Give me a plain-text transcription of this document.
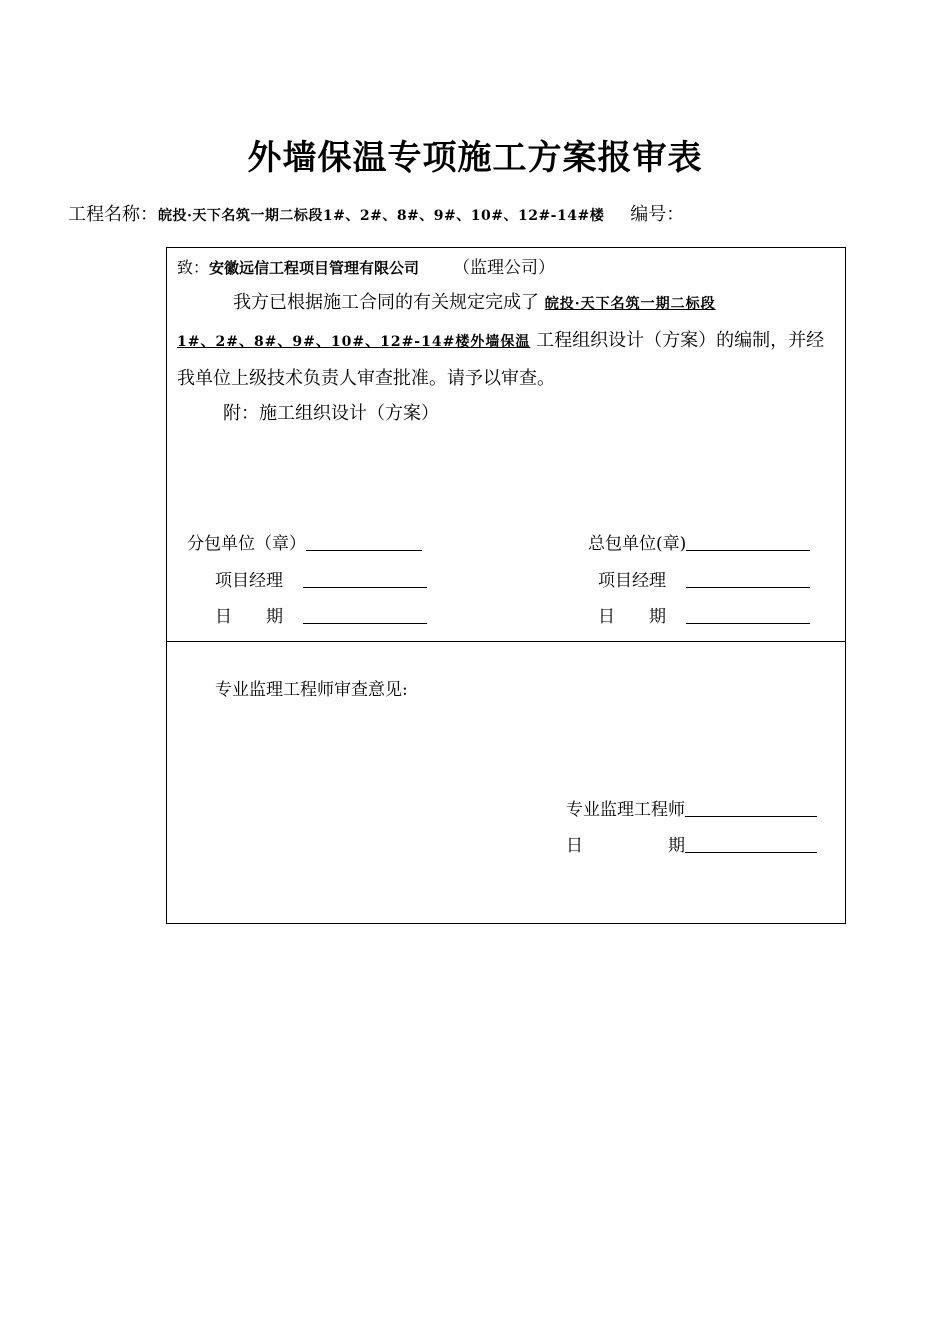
外墙保温专项施工方案报审表
工程名称：皖投·天下名筑一期二标段1#、2#、8#、9#、10#、12#-14#楼 编号：
致：安徽远信工程项目管理有限公司 （监理公司）
我方已根据施工合同的有关规定完成了 皖投·天下名筑一期二标段
1#、2#、8#、9#、10#、12#-14#楼外墙保温 工程组织设计（方案）的编制，并经
我单位上级技术负责人审查批准。请予以审查。
附：施工组织设计（方案）
分包单位（章）
项目经理
日　　期
总包单位(章)
项目经理
日　　期
专业监理工程师审查意见:
专业监理工程师
日　　　　　期
